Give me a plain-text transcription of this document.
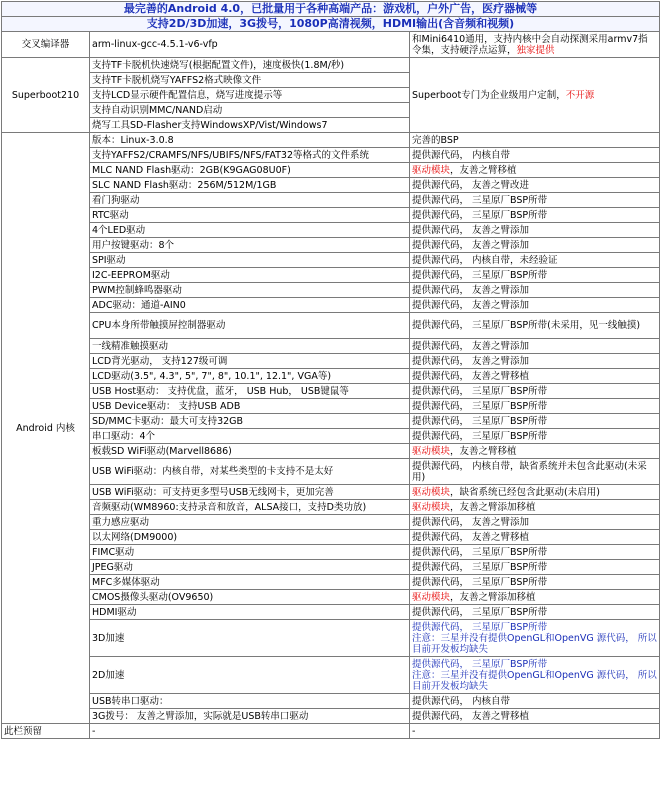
最完善的Android 4.0，已批量用于各种高端产品：游戏机，户外广告，医疗器械等		
支持2D/3D加速，3G拨号，1080P高清视频，HDMI输出(含音频和视频)		
交叉编译器	arm-linux-gcc-4.5.1-v6-vfp	和Mini6410通用，支持内核中会自动探测采用armv7指令集，支持硬浮点运算，独家提供
Superboot210	支持TF卡脱机快速烧写(根据配置文件)，速度极快(1.8M/秒)	Superboot专门为企业级用户定制，不开源
	支持TF卡脱机烧写YAFFS2格式映像文件	
	支持LCD显示硬件配置信息，烧写进度提示等	
	支持自动识别MMC/NAND启动	
	烧写工具SD-Flasher支持WindowsXP/Vist/Windows7	
Android 内核	版本：Linux-3.0.8	完善的BSP
	支持YAFFS2/CRAMFS/NFS/UBIFS/NFS/FAT32等格式的文件系统	提供源代码， 内核自带
	MLC NAND Flash驱动：2GB(K9GAG08U0F)	驱动模块，友善之臂移植
	SLC NAND Flash驱动：256M/512M/1GB	提供源代码， 友善之臂改进
	看门狗驱动	提供源代码， 三星原厂BSP所带
	RTC驱动	提供源代码， 三星原厂BSP所带
	4个LED驱动	提供源代码， 友善之臂添加
	用户按键驱动：8个	提供源代码， 友善之臂添加
	SPI驱动	提供源代码， 内核自带，未经验证
	I2C-EEPROM驱动	提供源代码， 三星原厂BSP所带
	PWM控制蜂鸣器驱动	提供源代码， 友善之臂添加
	ADC驱动：通道-AIN0	提供源代码， 友善之臂添加
	CPU本身所带触摸屏控制器驱动	提供源代码， 三星原厂BSP所带(未采用，见一线触摸)
	一线精准触摸驱动	提供源代码， 友善之臂添加
	LCD背光驱动， 支持127级可调	提供源代码， 友善之臂添加
	LCD驱动(3.5", 4.3", 5", 7", 8", 10.1", 12.1", VGA等)	提供源代码， 友善之臂移植
	USB Host驱动： 支持优盘，蓝牙， USB Hub， USB键鼠等	提供源代码， 三星原厂BSP所带
	USB Device驱动： 支持USB ADB	提供源代码， 三星原厂BSP所带
	SD/MMC卡驱动：最大可支持32GB	提供源代码， 三星原厂BSP所带
	串口驱动：4个	提供源代码， 三星原厂BSP所带
	板载SD WiFi驱动(Marvell8686)	驱动模块，友善之臂移植
	USB WiFi驱动：内核自带，对某些类型的卡支持不是太好	提供源代码， 内核自带，缺省系统并未包含此驱动(未采用)
	USB WiFi驱动：可支持更多型号USB无线网卡，更加完善	驱动模块，缺省系统已经包含此驱动(未启用)
	音频驱动(WM8960:支持录音和放音，ALSA接口，支持D类功放)	驱动模块，友善之臂添加移植
	重力感应驱动	提供源代码， 友善之臂添加
	以太网络(DM9000)	提供源代码， 友善之臂移植
	FIMC驱动	提供源代码， 三星原厂BSP所带
	JPEG驱动	提供源代码， 三星原厂BSP所带
	MFC多媒体驱动	提供源代码， 三星原厂BSP所带
	CMOS摄像头驱动(OV9650)	驱动模块，友善之臂添加移植
	HDMI驱动	提供源代码， 三星原厂BSP所带
	3D加速	提供源代码， 三星原厂BSP所带
注意：三星并没有提供OpenGL和OpenVG 源代码， 所以目前开发板均缺失

	2D加速	提供源代码， 三星原厂BSP所带
注意：三星并没有提供OpenGL和OpenVG 源代码， 所以目前开发板均缺失

	USB转串口驱动：	提供源代码， 内核自带
	3G拨号： 友善之臂添加，实际就是USB转串口驱动	提供源代码， 友善之臂移植
此栏预留	-	-
